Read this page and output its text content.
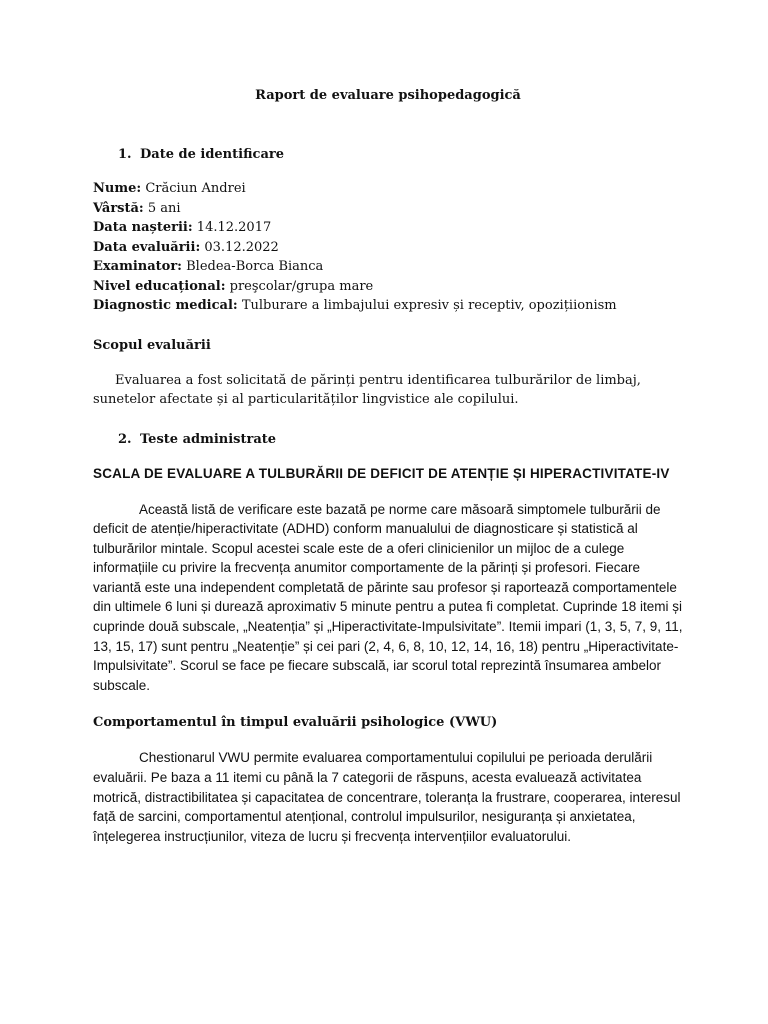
Raport de evaluare psihopedagogică
1. Date de identificare
Nume: Crăciun Andrei
Vârstă: 5 ani
Data nașterii: 14.12.2017
Data evaluării: 03.12.2022
Examinator: Bledea-Borca Bianca
Nivel educațional: preşcolar/grupa mare
Diagnostic medical: Tulburare a limbajului expresiv și receptiv, opozițiionism
Scopul evaluării

Evaluarea a fost solicitată de părinți pentru identificarea tulburărilor de limbaj, sunetelor afectate și al particularităților lingvistice ale copilului.

2. Teste administrate
SCALA DE EVALUARE A TULBURĂRII DE DEFICIT DE ATENȚIE ȘI HIPERACTIVITATE-IV

Această listă de verificare este bazată pe norme care măsoară simptomele tulburării de deficit de atenție/hiperactivitate (ADHD) conform manualului de diagnosticare și statistică al tulburărilor mintale. Scopul acestei scale este de a oferi clinicienilor un mijloc de a culege informațiile cu privire la frecvența anumitor comportamente de la părinți și profesori. Fiecare variantă este una independent completată de părinte sau profesor și raportează comportamentele din ultimele 6 luni și durează aproximativ 5 minute pentru a putea fi completat. Cuprinde 18 itemi și cuprinde două subscale, „Neatenția” și „Hiperactivitate-Impulsivitate”. Itemii impari (1, 3, 5, 7, 9, 11, 13, 15, 17) sunt pentru „Neatenție” și cei pari (2, 4, 6, 8, 10, 12, 14, 16, 18) pentru „Hiperactivitate-Impulsivitate”. Scorul se face pe fiecare subscală, iar scorul total reprezintă însumarea ambelor subscale.

Comportamentul în timpul evaluării psihologice (VWU)

Chestionarul VWU permite evaluarea comportamentului copilului pe perioada derulării evaluării. Pe baza a 11 itemi cu până la 7 categorii de răspuns, acesta evaluează activitatea motrică, distractibilitatea și capacitatea de concentrare, toleranța la frustrare, cooperarea, interesul față de sarcini, comportamentul atențional, controlul impulsurilor, nesiguranța și anxietatea, înțelegerea instrucțiunilor, viteza de lucru și frecvența intervențiilor evaluatorului.
